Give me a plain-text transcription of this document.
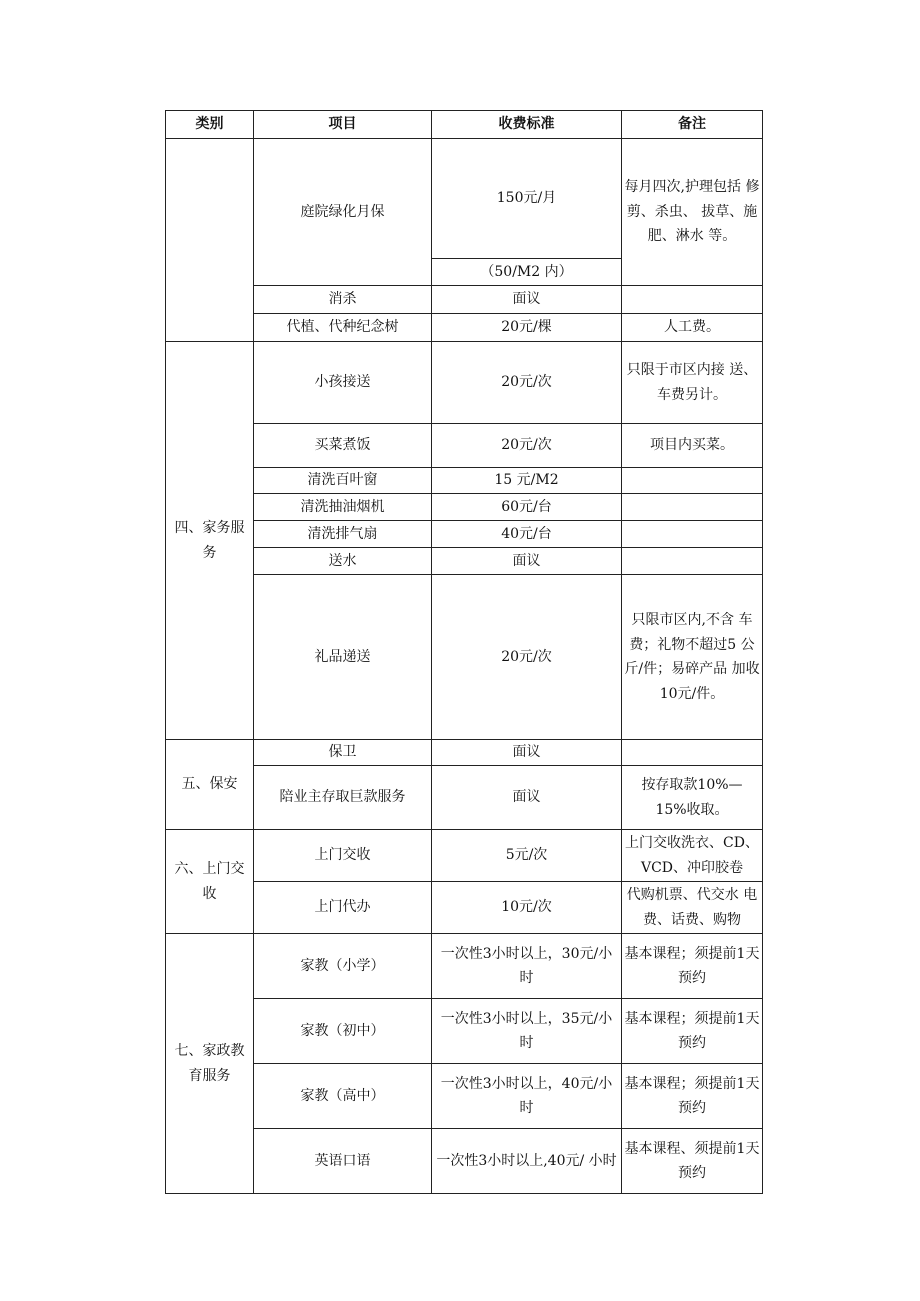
类别	项目	收费标准	备注
	庭院绿化月保	150元/月	每月四次,护理包括 修剪、杀虫、 拔草、施肥、淋水 等。
		（50/M2 内）	
	消杀	面议	
	代植、代种纪念树	20元/棵	人工费。
四、家务服务	小孩接送	20元/次	只限于市区内接 送、车费另计。
	买菜煮饭	20元/次	项目内买菜。
	清洗百叶窗	15 元/M2	
	清洗抽油烟机	60元/台	
	清洗排气扇	40元/台	
	送水	面议	
	礼品递送	20元/次	只限市区内,不含 车费；礼物不超过5 公斤/件；易碎产品 加收10元/件。
五、保安	保卫	面议	
	陪业主存取巨款服务	面议	按存取款10%— 15%收取。
六、上门交收	上门交收	5元/次	上门交收洗衣、CD、VCD、冲印胶卷
	上门代办	10元/次	代购机票、代交水 电费、话费、购物
七、家政教育服务	家教（小学）	一次性3小时以上，30元/小时	基本课程；须提前1天预约
	家教（初中）	一次性3小时以上，35元/小时	基本课程；须提前1天预约
	家教（高中）	一次性3小时以上，40元/小时	基本课程；须提前1天预约
	英语口语	一次性3小时以上,40元/ 小时	基本课程、须提前1天预约
